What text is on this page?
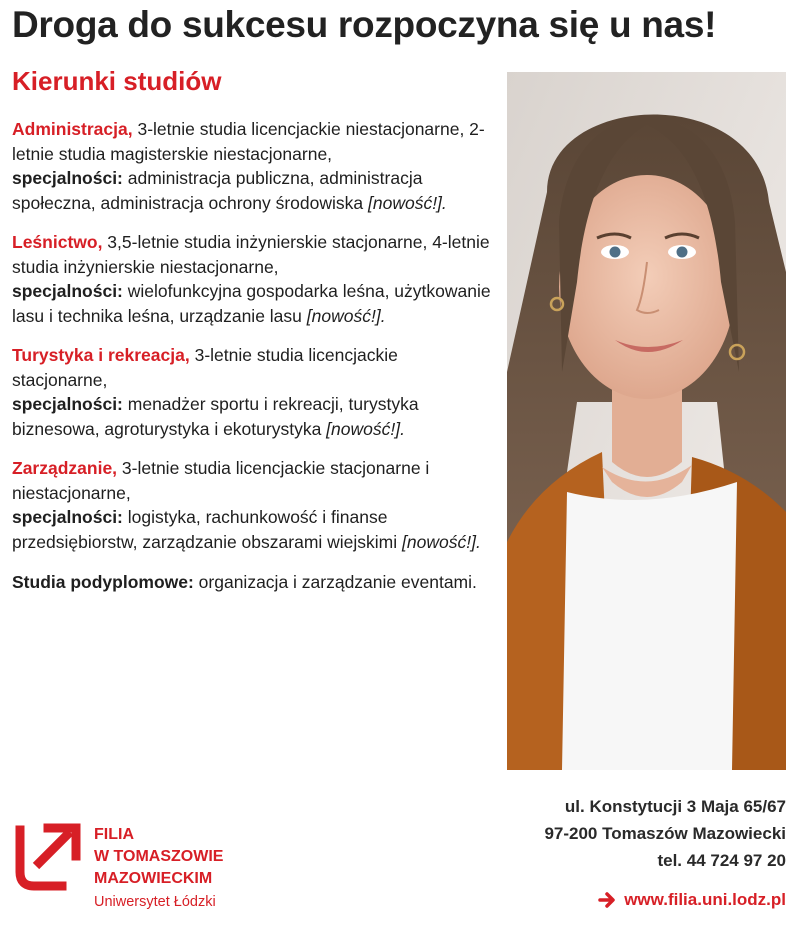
Droga do sukcesu rozpoczyna się u nas!
Kierunki studiów

Administracja, 3-letnie studia licencjackie niestacjonarne, 2-letnie studia magisterskie niestacjonarne,

specjalności: administracja publiczna, administracja społeczna, administracja ochrony środowiska [nowość!].

Leśnictwo, 3,5-letnie studia inżynierskie stacjonarne, 4-letnie studia inżynierskie niestacjonarne,

specjalności: wielofunkcyjna gospodarka leśna, użytkowanie lasu i technika leśna, urządzanie lasu [nowość!].

Turystyka i rekreacja, 3-letnie studia licencjackie stacjonarne,

specjalności: menadżer sportu i rekreacji, turystyka biznesowa, agroturystyka i ekoturystyka [nowość!].

Zarządzanie, 3-letnie studia licencjackie stacjonarne i niestacjonarne,

specjalności: logistyka, rachunkowość i finanse przedsiębiorstw, zarządzanie obszarami wiejskimi [nowość!].

Studia podyplomowe: organizacja i zarządzanie eventami.

FILIA
W TOMASZOWIE
MAZOWIECKIM
Uniwersytet Łódzki
ul. Konstytucji 3 Maja 65/67
97-200 Tomaszów Mazowiecki
tel. 44 724 97 20
www.filia.uni.lodz.pl
